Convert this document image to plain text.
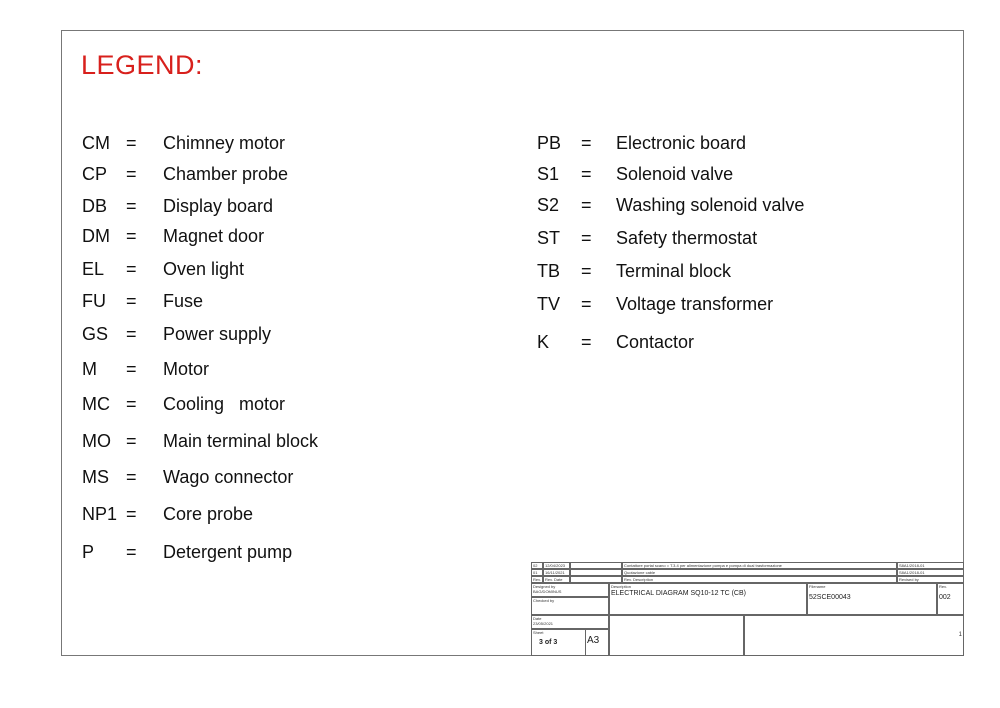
LEGEND:
CM = Chimney motor
CP = Chamber probe
DB = Display board
DM = Magnet door
EL = Oven light
FU = Fuse
GS = Power supply
M = Motor
MC = Cooling   motor
MO = Main terminal block
MS = Wago connector
NP1 = Core probe
P = Detergent pump
PB = Electronic board
S1 = Solenoid valve
S2 = Washing solenoid valve
ST = Safety thermostat
TB = Terminal block
TV = Voltage transformer
K = Contactor
02	12/04/2023	Contattore portal scano = T.3.4 per alimentazione pompa e pompa di dual trasformazione	S8A1/2018-01
01	16/11/2021	Quotazione cable	S8A1/2018-01
Rev.	Rev. Date	Rev. Description	Revised by
Designed by
BAG/DOMINUS
Checked by
Date
23/05/2021
Sheet
3 of 3	A3
Description
ELECTRICAL DIAGRAM SQ10-12 TC (CB)
Filename
52SCE00043
Rev.
002
1
